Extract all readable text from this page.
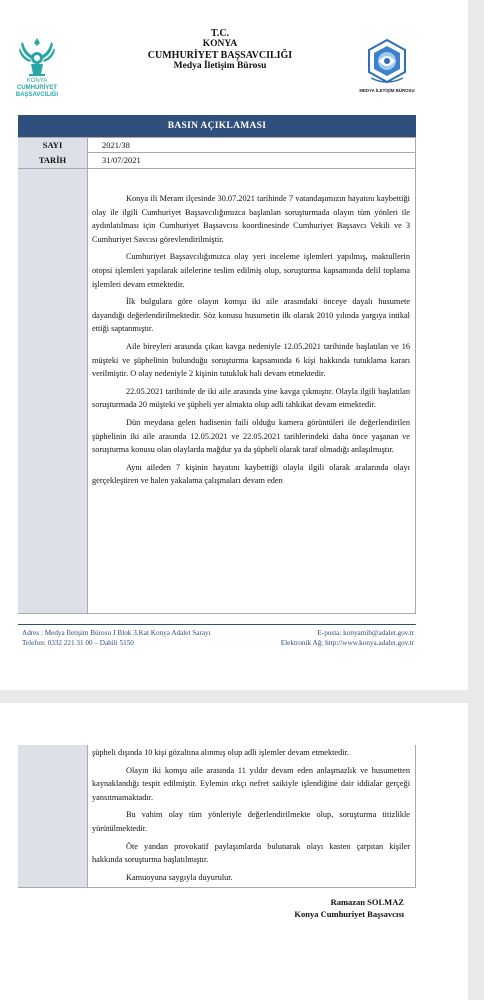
KONYA
CUMHURİYET
BAŞSAVCILIĞI
T.C.
KONYA
CUMHURİYET BAŞSAVCILIĞI
Medya İletişim Bürosu
MEDYA İLETİŞİM BÜROSU
BASIN AÇIKLAMASI
SAYI	2021/38
TARİH	31/07/2021

Konya ili Meram ilçesinde 30.07.2021 tarihinde 7 vatandaşımızın hayatını kaybettiği olay ile ilgili Cumhuriyet Başsavcılığımızca başlatılan soruşturmada olayın tüm yönleri ile aydınlatılması için Cumhuriyet Başsavcısı koordinesinde Cumhuriyet Başsavcı Vekili ve 3 Cumhuriyet Savcısı görevlendirilmiştir.

Cumhuriyet Başsavcılığımızca olay yeri inceleme işlemleri yapılmış, maktullerin otopsi işlemleri yapılarak ailelerine teslim edilmiş olup, soruşturma kapsamında delil toplama işlemleri devam etmektedir.

İlk bulgulara göre olayın komşu iki aile arasındaki önceye dayalı husumete dayandığı değerlendirilmektedir. Söz konusu husumetin ilk olarak 2010 yılında yargıya intikal ettiği saptanmıştır.

Aile bireyleri arasında çıkan kavga nedeniyle 12.05.2021 tarihinde başlatılan ve 16 müşteki ve şüphelinin bulunduğu soruşturma kapsamında 6 kişi hakkında tutuklama kararı verilmiştir. O olay nedeniyle 2 kişinin tutukluk hali devam etmektedir.

22.05.2021 tarihinde de iki aile arasında yine kavga çıkmıştır. Olayla ilgili başlatılan soruşturmada 20 müşteki ve şüpheli yer almakta olup adli tahkikat devam etmektedir.

Dün meydana gelen hadisenin faili olduğu kamera görüntüleri ile değerlendirilen şüphelinin iki aile arasında 12.05.2021 ve 22.05.2021 tarihlerindeki daha önce yaşanan ve soruşturma konusu olan olaylarda mağdur ya da şüpheli olarak taraf olmadığı anlaşılmıştır.

Aynı aileden 7 kişinin hayatını kaybettiği olayla ilgili olarak aralarında olayı gerçekleştiren ve halen yakalama çalışmaları devam eden

Adres : Medya İletişim Bürosu J Blok 3.Kat Konya Adalet Sarayı
Telefon: 0332 221 31 00 – Dahili 5150
E-posta: konyamib@adalet.gov.tr
Elektronik Ağ: http://www.konya.adalet.gov.tr

şüpheli dışında 10 kişi gözaltına alınmış olup adli işlemler devam etmektedir.

Olayın iki komşu aile arasında 11 yıldır devam eden anlaşmazlık ve husumetten kaynaklandığı tespit edilmiştir. Eylemin ırkçı nefret saikiyle işlendiğine dair iddialar gerçeği yansıtmamaktadır.

Bu vahim olay tüm yönleriyle değerlendirilmekte olup, soruşturma titizlikle yürütülmektedir.

Öte yandan provokatif paylaşımlarda bulunarak olayı kasten çarpıtan kişiler hakkında soruşturma başlatılmıştır.

Kamuoyuna saygıyla duyurulur.

Ramazan SOLMAZ
Konya Cumhuriyet Başsavcısı
